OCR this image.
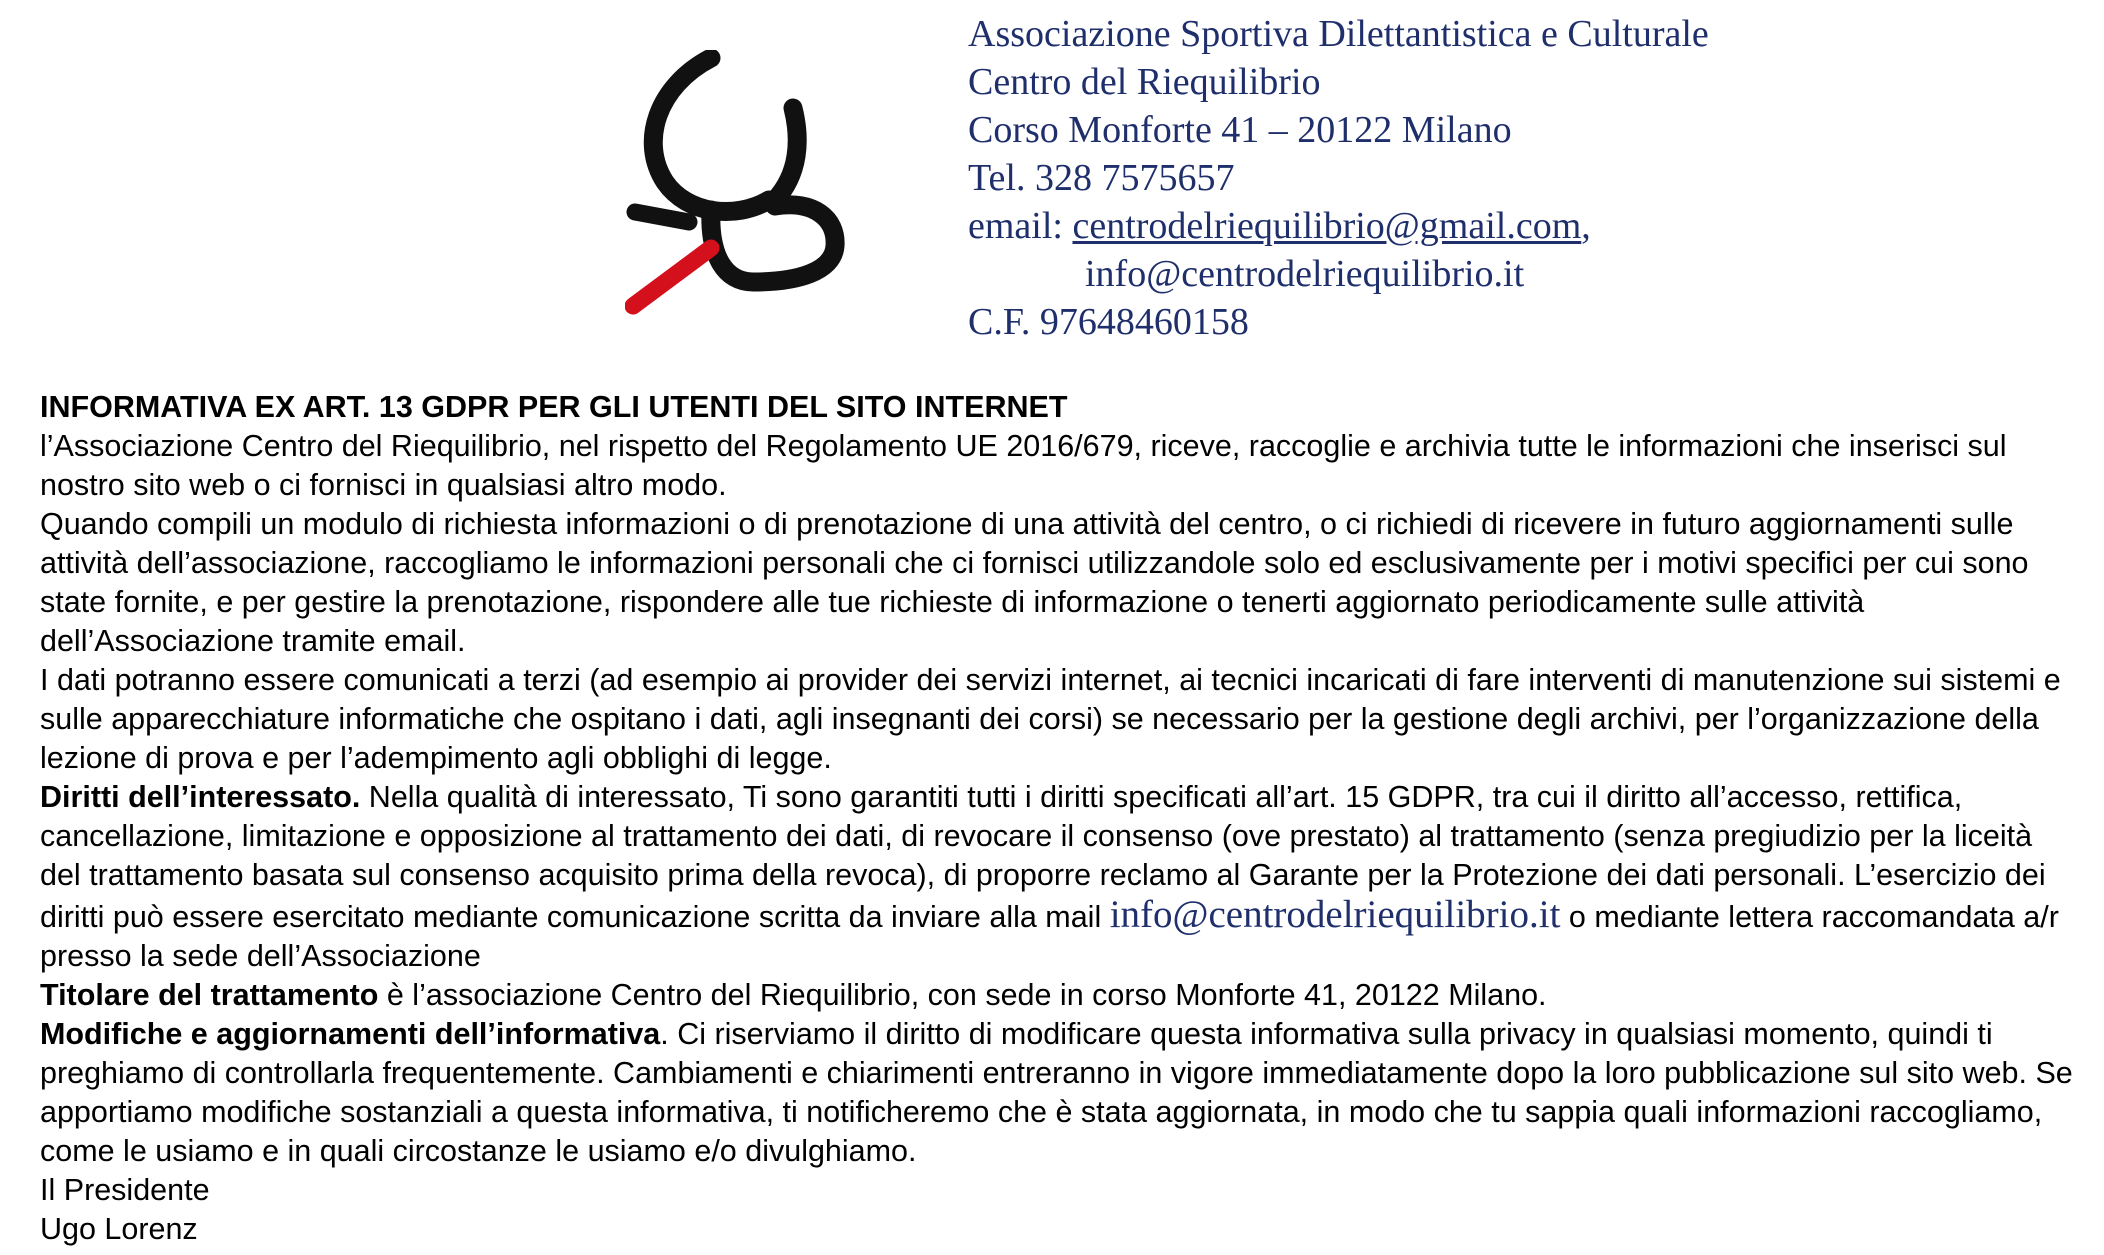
Associazione Sportiva Dilettantistica e Culturale
Centro del Riequilibrio
Corso Monforte 41 – 20122 Milano
Tel. 328 7575657
email: centrodelriequilibrio@gmail.com,
info@centrodelriequilibrio.it
C.F. 97648460158

INFORMATIVA EX ART. 13 GDPR PER GLI UTENTI DEL SITO INTERNET

l’Associazione Centro del Riequilibrio, nel rispetto del Regolamento UE 2016/679, riceve, raccoglie e archivia tutte le informazioni che inserisci sul nostro sito web o ci fornisci in qualsiasi altro modo.

Quando compili un modulo di richiesta informazioni o di prenotazione di una attività del centro, o ci richiedi di ricevere in futuro aggiornamenti sulle attività dell’associazione, raccogliamo le informazioni personali che ci fornisci utilizzandole solo ed esclusivamente per i motivi specifici per cui sono state fornite, e per gestire la prenotazione, rispondere alle tue richieste di informazione o tenerti aggiornato periodicamente sulle attività dell’Associazione tramite email.

I dati potranno essere comunicati a terzi (ad esempio ai provider dei servizi internet, ai tecnici incaricati di fare interventi di manutenzione sui sistemi e sulle apparecchiature informatiche che ospitano i dati, agli insegnanti dei corsi) se necessario per la gestione degli archivi, per l’organizzazione della lezione di prova e per l’adempimento agli obblighi di legge.

Diritti dell’interessato. Nella qualità di interessato, Ti sono garantiti tutti i diritti specificati all’art. 15 GDPR, tra cui il diritto all’accesso, rettifica, cancellazione, limitazione e opposizione al trattamento dei dati, di revocare il consenso (ove prestato) al trattamento (senza pregiudizio per la liceità del trattamento basata sul consenso acquisito prima della revoca), di proporre reclamo al Garante per la Protezione dei dati personali. L’esercizio dei diritti può essere esercitato mediante comunicazione scritta da inviare alla mail info@centrodelriequilibrio.it o mediante lettera raccomandata a/r presso la sede dell’Associazione

Titolare del trattamento è l’associazione Centro del Riequilibrio, con sede in corso Monforte 41, 20122 Milano.

Modifiche e aggiornamenti dell’informativa. Ci riserviamo il diritto di modificare questa informativa sulla privacy in qualsiasi momento, quindi ti preghiamo di controllarla frequentemente. Cambiamenti e chiarimenti entreranno in vigore immediatamente dopo la loro pubblicazione sul sito web. Se apportiamo modifiche sostanziali a questa informativa, ti notificheremo che è stata aggiornata, in modo che tu sappia quali informazioni raccogliamo, come le usiamo e in quali circostanze le usiamo e/o divulghiamo.

Il Presidente

Ugo Lorenz
